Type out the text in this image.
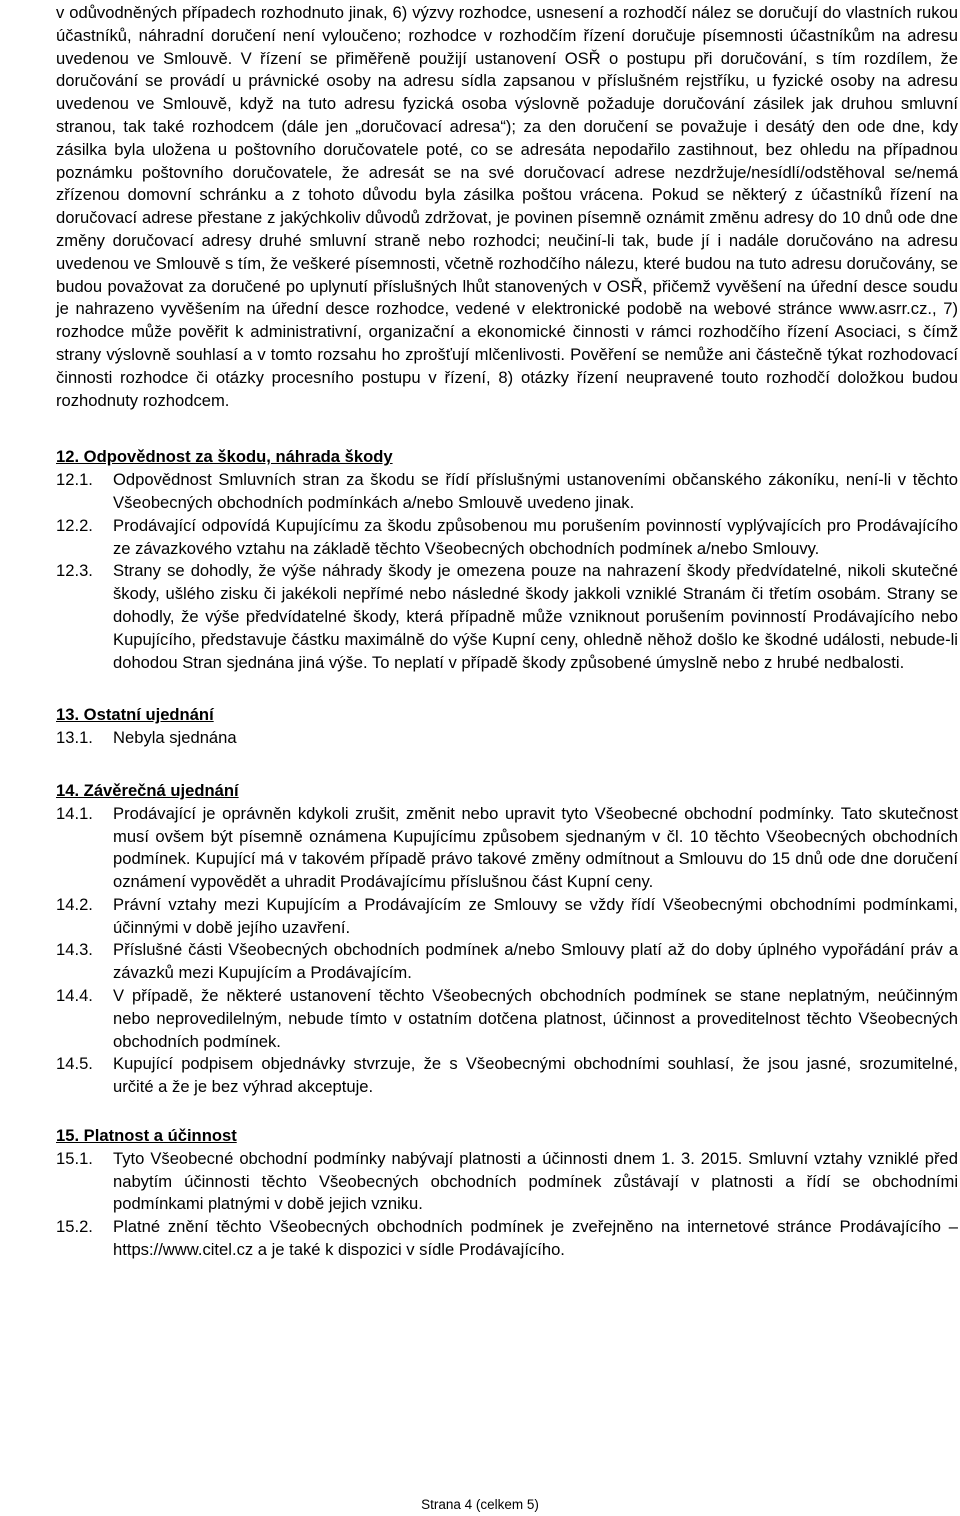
v odůvodněných případech rozhodnuto jinak, 6) výzvy rozhodce, usnesení a rozhodčí nález se doručují do vlastních rukou účastníků, náhradní doručení není vyloučeno; rozhodce v rozhodčím řízení doručuje písemnosti účastníkům na adresu uvedenou ve Smlouvě. V řízení se přiměřeně použijí ustanovení OSŘ o postupu při doručování, s tím rozdílem, že doručování se provádí u právnické osoby na adresu sídla zapsanou v příslušném rejstříku, u fyzické osoby na adresu uvedenou ve Smlouvě, když na tuto adresu fyzická osoba výslovně požaduje doručování zásilek jak druhou smluvní stranou, tak také rozhodcem (dále jen „doručovací adresa“); za den doručení se považuje i desátý den ode dne, kdy zásilka byla uložena u poštovního doručovatele poté, co se adresáta nepodařilo zastihnout, bez ohledu na případnou poznámku poštovního doručovatele, že adresát se na své doručovací adrese nezdržuje/nesídlí/odstěhoval se/nemá zřízenou domovní schránku a z tohoto důvodu byla zásilka poštou vrácena. Pokud se některý z účastníků řízení na doručovací adrese přestane z jakýchkoliv důvodů zdržovat, je povinen písemně oznámit změnu adresy do 10 dnů ode dne změny doručovací adresy druhé smluvní straně nebo rozhodci; neučiní-li tak, bude jí i nadále doručováno na adresu uvedenou ve Smlouvě s tím, že veškeré písemnosti, včetně rozhodčího nálezu, které budou na tuto adresu doručovány, se budou považovat za doručené po uplynutí příslušných lhůt stanovených v OSŘ, přičemž vyvěšení na úřední desce soudu je nahrazeno vyvěšením na úřední desce rozhodce, vedené v elektronické podobě na webové stránce www.asrr.cz., 7) rozhodce může pověřit k administrativní, organizační a ekonomické činnosti v rámci rozhodčího řízení Asociaci, s čímž strany výslovně souhlasí a v tomto rozsahu ho zprošťují mlčenlivosti. Pověření se nemůže ani částečně týkat rozhodovací činnosti rozhodce či otázky procesního postupu v řízení, 8) otázky řízení neupravené touto rozhodčí doložkou budou rozhodnuty rozhodcem.

12. Odpovědnost za škodu, náhrada škody
12.1.	Odpovědnost Smluvních stran za škodu se řídí příslušnými ustanoveními občanského zákoníku, není-li v těchto Všeobecných obchodních podmínkách a/nebo Smlouvě uvedeno jinak.
12.2.	Prodávající odpovídá Kupujícímu za škodu způsobenou mu porušením povinností vyplývajících pro Prodávajícího ze závazkového vztahu na základě těchto Všeobecných obchodních podmínek a/nebo Smlouvy.
12.3.	Strany se dohodly, že výše náhrady škody je omezena pouze na nahrazení škody předvídatelné, nikoli skutečné škody, ušlého zisku či jakékoli nepřímé nebo následné škody jakkoli vzniklé Stranám či třetím osobám. Strany se dohodly, že výše předvídatelné škody, která případně může vzniknout porušením povinností Prodávajícího nebo Kupujícího, představuje částku maximálně do výše Kupní ceny, ohledně něhož došlo ke škodné události, nebude-li dohodou Stran sjednána jiná výše. To neplatí v případě škody způsobené úmyslně nebo z hrubé nedbalosti.
13. Ostatní ujednání
13.1.	Nebyla sjednána
14. Závěrečná ujednání
14.1.	Prodávající je oprávněn kdykoli zrušit, změnit nebo upravit tyto Všeobecné obchodní podmínky. Tato skutečnost musí ovšem být písemně oznámena Kupujícímu způsobem sjednaným v čl. 10 těchto Všeobecných obchodních podmínek. Kupující má v takovém případě právo takové změny odmítnout a Smlouvu do 15 dnů ode dne doručení oznámení vypovědět a uhradit Prodávajícímu příslušnou část Kupní ceny.
14.2.	Právní vztahy mezi Kupujícím a Prodávajícím ze Smlouvy se vždy řídí Všeobecnými obchodními podmínkami, účinnými v době jejího uzavření.
14.3.	Příslušné části Všeobecných obchodních podmínek a/nebo Smlouvy platí až do doby úplného vypořádání práv a závazků mezi Kupujícím a Prodávajícím.
14.4.	V případě, že některé ustanovení těchto Všeobecných obchodních podmínek se stane neplatným, neúčinným nebo neprovedilelným, nebude tímto v ostatním dotčena platnost, účinnost a proveditelnost těchto Všeobecných obchodních podmínek.
14.5.	Kupující podpisem objednávky stvrzuje, že s Všeobecnými obchodními souhlasí, že jsou jasné, srozumitelné, určité a že je bez výhrad akceptuje.
15. Platnost a účinnost
15.1.	Tyto Všeobecné obchodní podmínky nabývají platnosti a účinnosti dnem 1. 3. 2015. Smluvní vztahy vzniklé před nabytím účinnosti těchto Všeobecných obchodních podmínek zůstávají v platnosti a řídí se obchodními podmínkami platnými v době jejich vzniku.
15.2.	Platné znění těchto Všeobecných obchodních podmínek je zveřejněno na internetové stránce Prodávajícího – https://www.citel.cz a je také k dispozici v sídle Prodávajícího.
Strana 4 (celkem 5)
